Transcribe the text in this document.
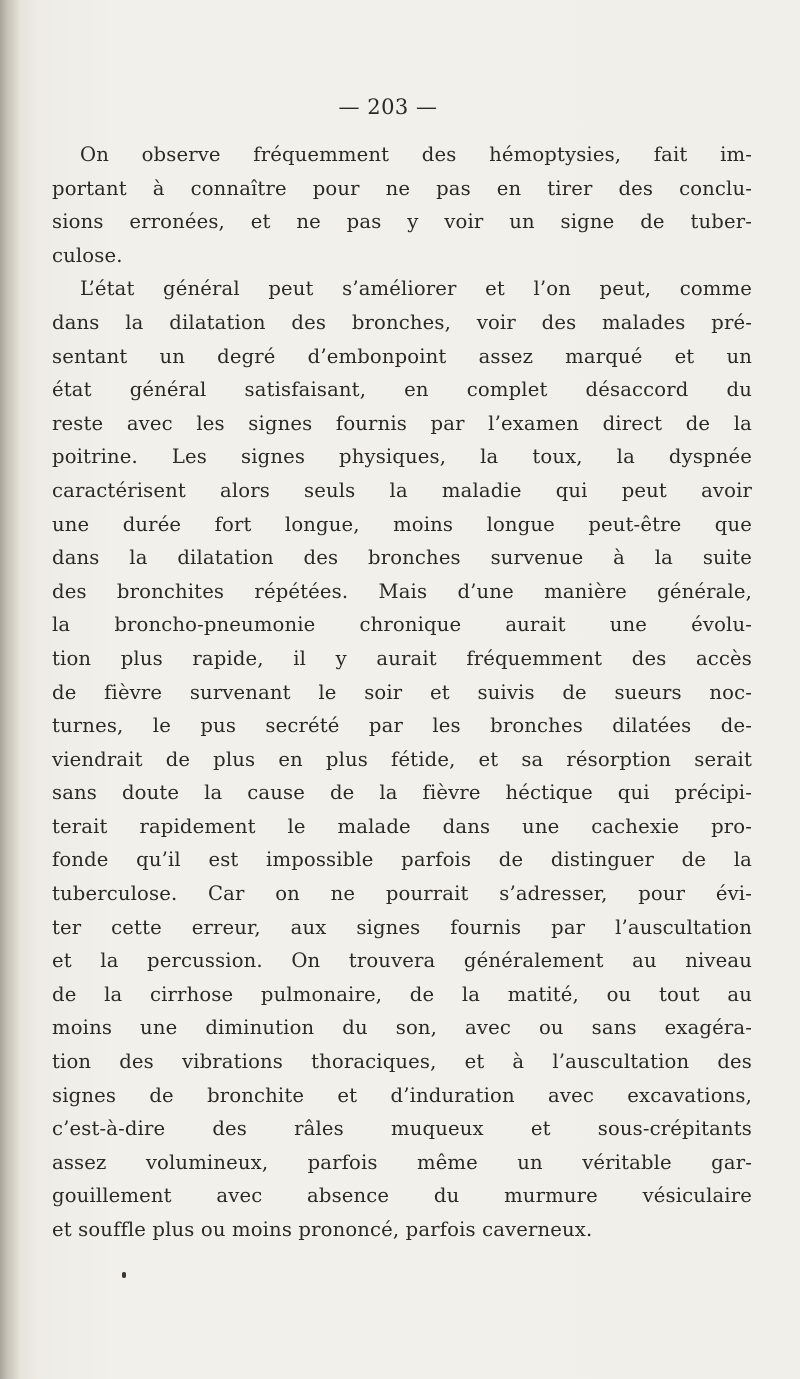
— 203 —
On observe fréquemment des hémoptysies, fait im-
portant à connaître pour ne pas en tirer des conclu-
sions erronées, et ne pas y voir un signe de tuber-
culose.
L’état général peut s’améliorer et l’on peut, comme
dans la dilatation des bronches, voir des malades pré-
sentant un degré d’embonpoint assez marqué et un
état général satisfaisant, en complet désaccord du
reste avec les signes fournis par l’examen direct de la
poitrine. Les signes physiques, la toux, la dyspnée
caractérisent alors seuls la maladie qui peut avoir
une durée fort longue, moins longue peut-être que
dans la dilatation des bronches survenue à la suite
des bronchites répétées. Mais d’une manière générale,
la broncho-pneumonie chronique aurait une évolu-
tion plus rapide, il y aurait fréquemment des accès
de fièvre survenant le soir et suivis de sueurs noc-
turnes, le pus secrété par les bronches dilatées de-
viendrait de plus en plus fétide, et sa résorption serait
sans doute la cause de la fièvre héctique qui précipi-
terait rapidement le malade dans une cachexie pro-
fonde qu’il est impossible parfois de distinguer de la
tuberculose. Car on ne pourrait s’adresser, pour évi-
ter cette erreur, aux signes fournis par l’auscultation
et la percussion. On trouvera généralement au niveau
de la cirrhose pulmonaire, de la matité, ou tout au
moins une diminution du son, avec ou sans exagéra-
tion des vibrations thoraciques, et à l’auscultation des
signes de bronchite et d’induration avec excavations,
c’est-à-dire des râles muqueux et sous-crépitants
assez volumineux, parfois même un véritable gar-
gouillement avec absence du murmure vésiculaire
et souffle plus ou moins prononcé, parfois caverneux.
